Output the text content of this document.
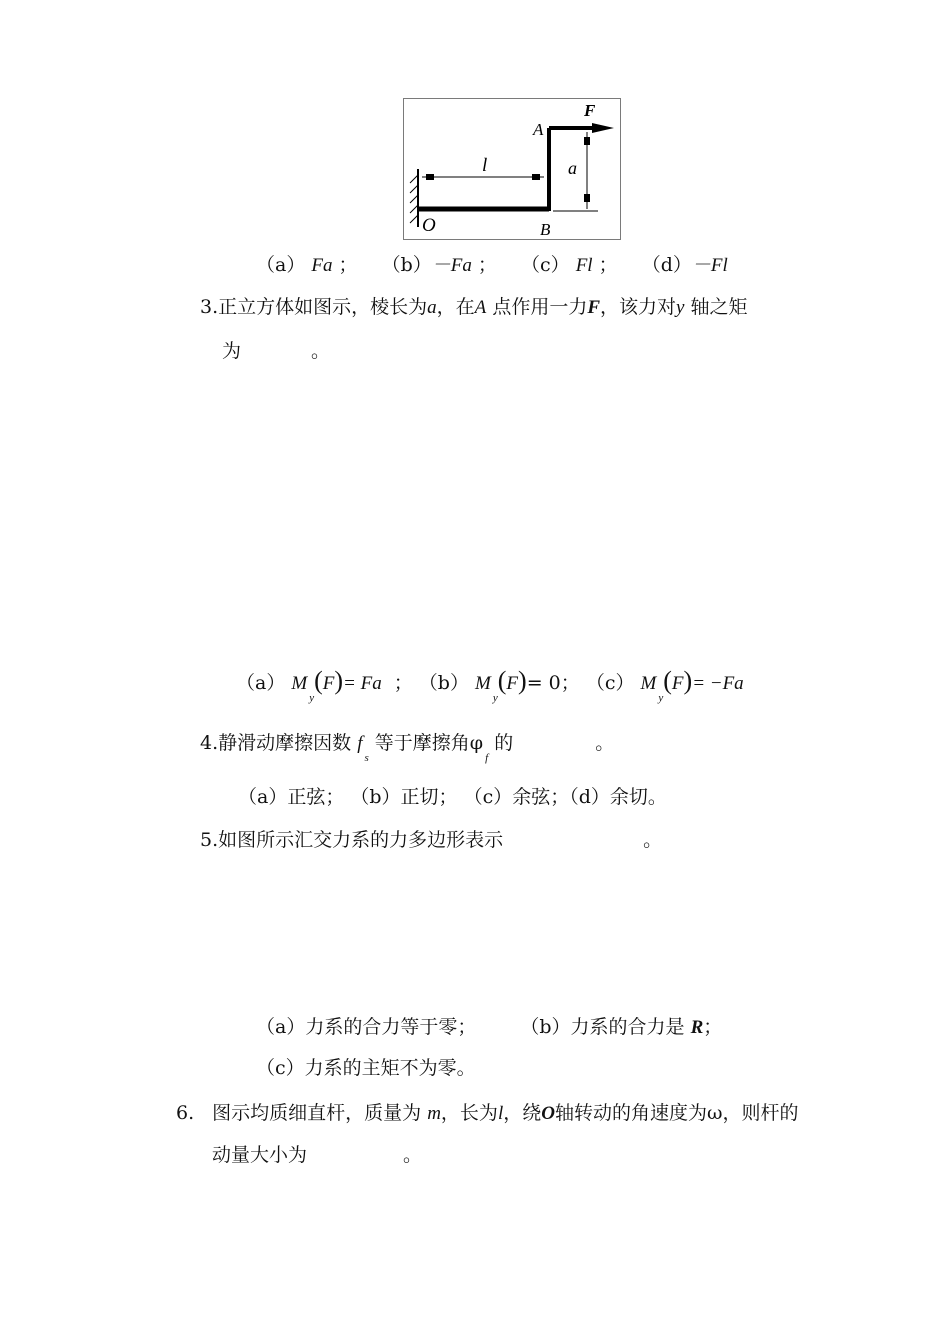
l	a
A
F
O	B
（a） Fa ； （b）－Fa ； （c） Fl ； （d）－Fl
3.正立方体如图示，棱长为a，在A 点作用一力F，该力对y 轴之矩
为	。
（a） $M_y(F)= Fa$ ； （b） $M_y(F)= 0$； （c） $M_y(F)= -Fa$
4.静滑动摩擦因数 $f_s$ 等于摩擦角$\varphi_f$ 的	。
（a）正弦； （b）正切； （c）余弦；（d）余切。
5.如图所示汇交力系的力多边形表示	。
（a）力系的合力等于零； （b）力系的合力是 R；
（c）力系的主矩不为零。
6. 图示均质细直杆，质量为 m，长为l，绕O轴转动的角速度为ω，则杆的
动量大小为	。
